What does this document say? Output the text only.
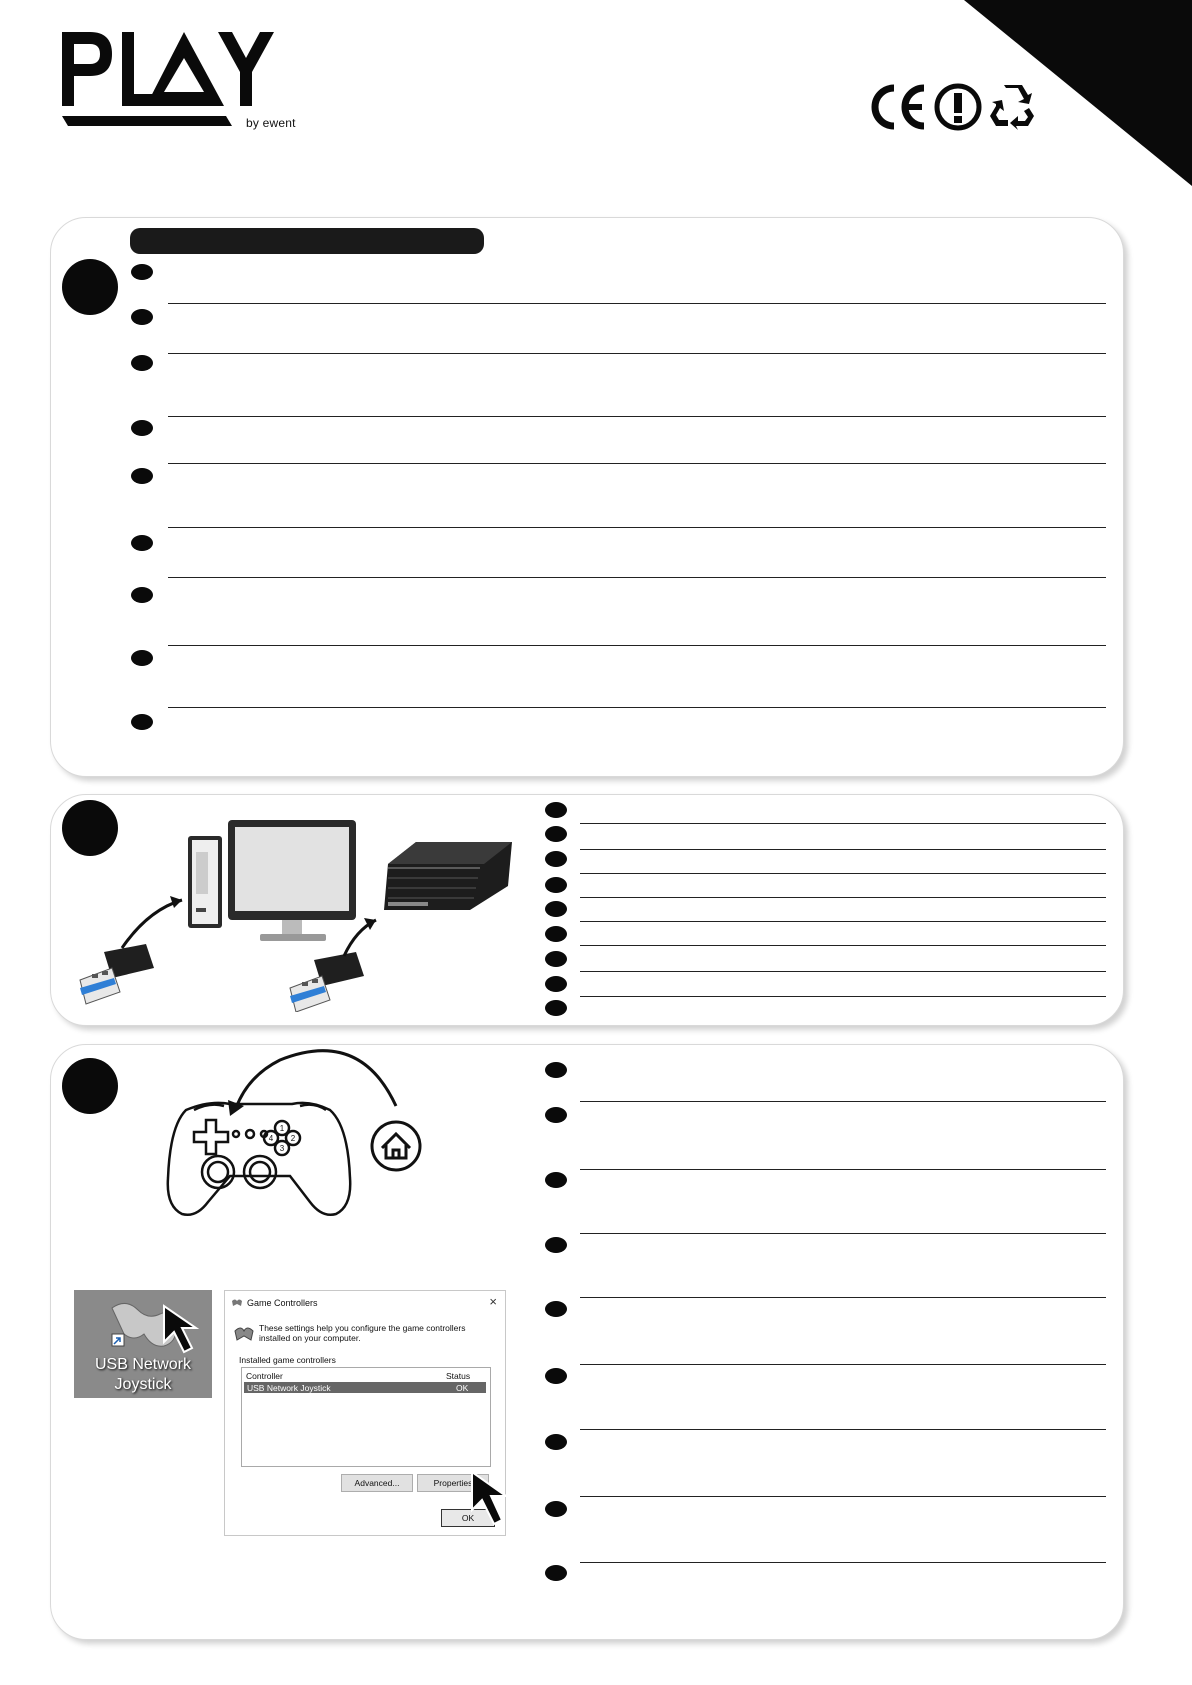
by ewent
1
4 2
3
USB Network
Joystick
Game Controllers	×
These settings help you configure the game controllers installed on your computer.
Installed game controllers
Controller	Status
USB Network Joystick	OK
Advanced...	Properties
OK
